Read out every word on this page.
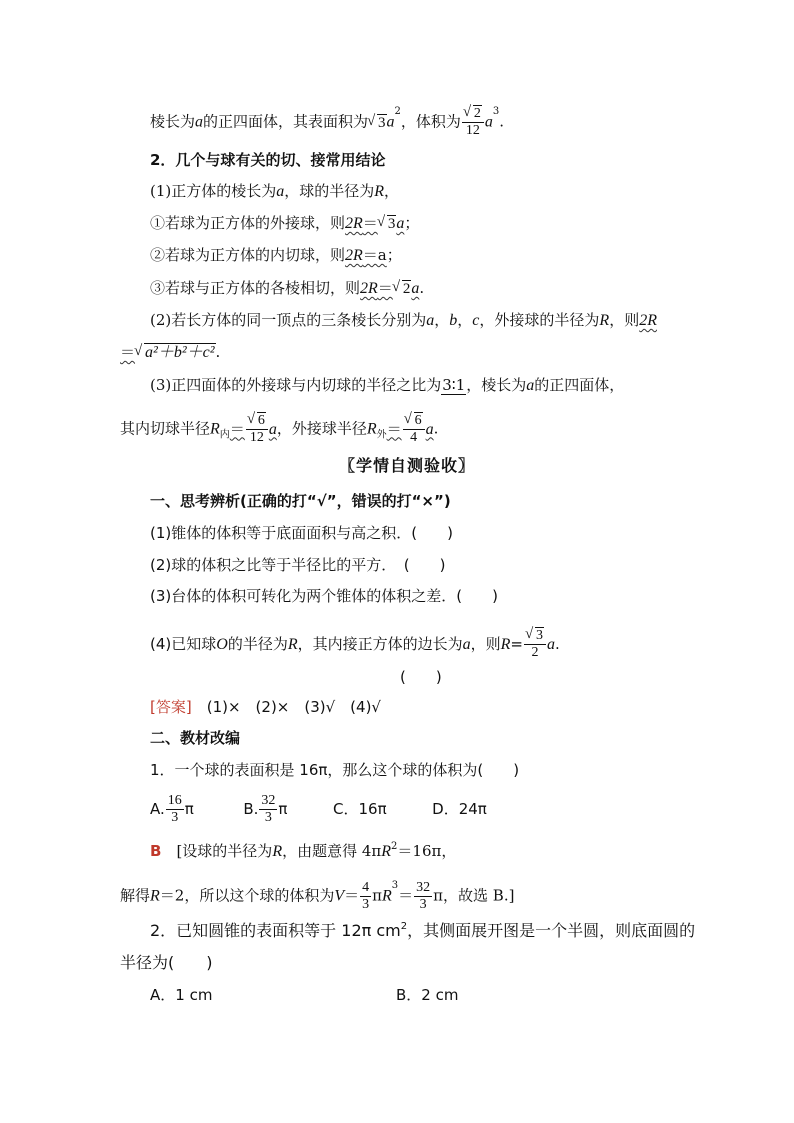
棱长为a的正四面体，其表面积为 √ $3a^2$，体积为 √ $\frac{2}{12} a^3$.
2．几个与球有关的切、接常用结论
(1)正方体的棱长为a，球的半径为R，
①若球为正方体的外接球，则2R＝ √ 3a；
②若球为正方体的内切球，则2R＝a；
③若球与正方体的各棱相切，则2R＝ √ 2a.
(2)若长方体的同一顶点的三条棱长分别为a，b，c，外接球的半径为R，则2R
＝ √ a²＋b²＋c².
(3)正四面体的外接球与内切球的半径之比为3∶1，棱长为a的正四面体，
其内切球半径$R_内=$ √ $\frac{6}{12}$ a，外接球半径$R_外=$ √ $\frac{6}{4} a$.
〖学情自测验收〗
一、思考辨析(正确的打“√”，错误的打“×”)
(1)锥体的体积等于底面面积与高之积．(　　)
(2)球的体积之比等于半径比的平方．　(　　)
(3)台体的体积可转化为两个锥体的体积之差．(　　)
(4)已知球O的半径为R，其内接正方体的边长为a，则R= √ $\frac{3}{2} a$.
(　　)
[答案]　 (1)×　(2)×　(3)√　(4)√
二、教材改编
1．一个球的表面积是 16π，那么这个球的体积为(　　)
A. $\frac{16}{3}$ π	B. $\frac{32}{3}$ π	C．16π	D．24π
B　 [设球的半径为R，由题意得 $4\pi R^2=16\pi$，
解得R＝2，所以这个球的体积为$V= \frac{4}{3} \pi R^3= \frac{32}{3}$ π，故选 B.]
2．已知圆锥的表面积等于 12π $cm^2$，其侧面展开图是一个半圆，则底面圆的
半径为(　　)
A．1 cm	B．2 cm
